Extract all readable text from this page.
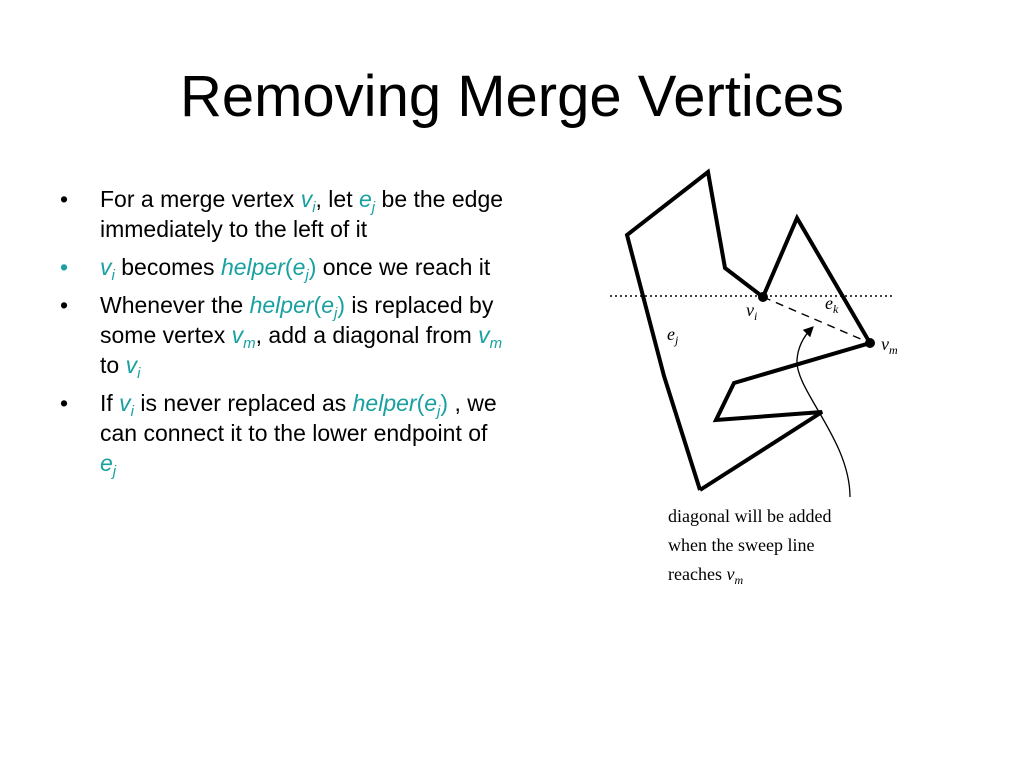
Removing Merge Vertices
• For a merge vertex $v_i$, let $e_j$ be the edge immediately to the left of it
• $v_i$ becomes $helper(e_j)$ once we reach it
• Whenever the $helper(e_j)$ is replaced by some vertex $v_m$, add a diagonal from $v_m$ to $v_i$
• If $v_i$ is never replaced as $helper(e_j)$ , we can connect it to the lower endpoint of $e_j$
$v_i$
$e_k$
$v_m$
$e_j$
diagonal will be added
when the sweep line
reaches $v_m$
